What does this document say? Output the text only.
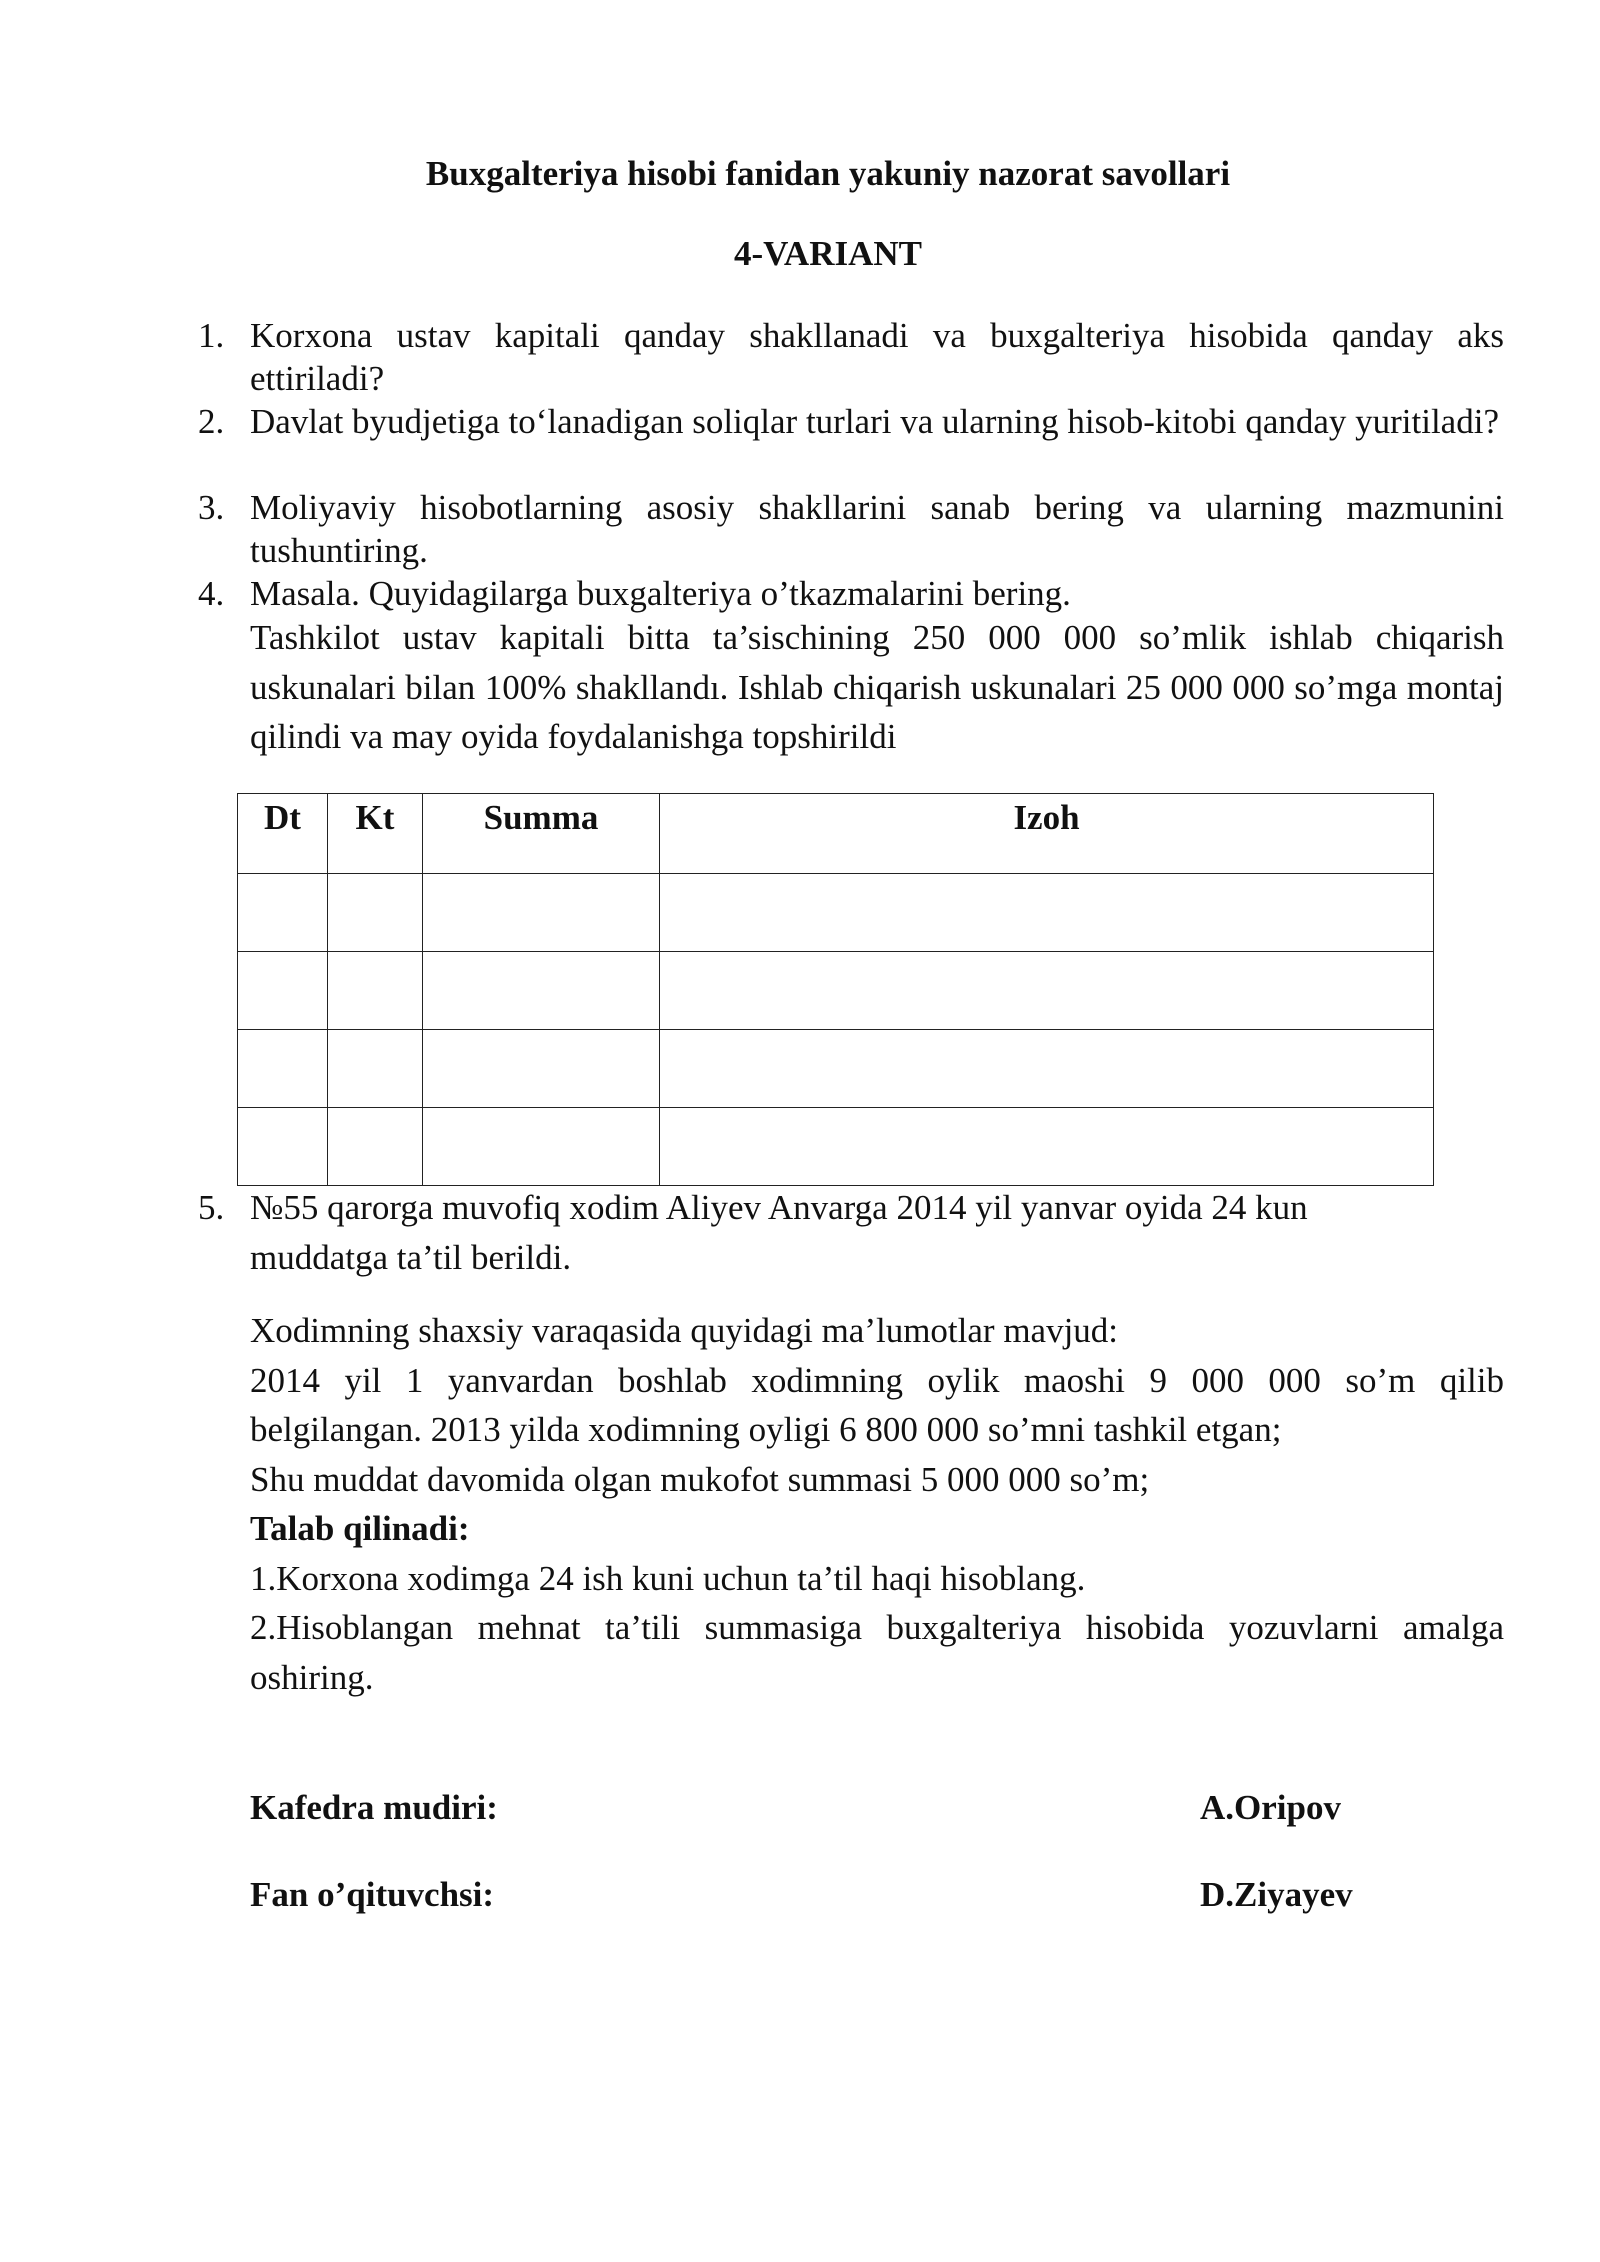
Buxgalteriya hisobi fanidan yakuniy nazorat savollari
4-VARIANT
1. Korxona ustav kapitali qanday shakllanadi va buxgalteriya hisobida qanday aks ettiriladi?
2. Davlat byudjetiga to‘lanadigan soliqlar turlari va ularning hisob-kitobi qanday yuritiladi?
3. Moliyaviy hisobotlarning asosiy shakllarini sanab bering va ularning mazmunini tushuntiring.
4. Masala. Quyidagilarga buxgalteriya o’tkazmalarini bering.
Tashkilot ustav kapitali bitta ta’sischining 250 000 000 so’mlik ishlab chiqarish uskunalari bilan 100% shakllandı. Ishlab chiqarish uskunalari 25 000 000 so’mga montaj qilindi va may oyida foydalanishga topshirildi
Dt	Kt	Summa	Izoh

5. №55 qarorga muvofiq xodim Aliyev Anvarga 2014 yil yanvar oyida 24 kun muddatga ta’til berildi.
Xodimning shaxsiy varaqasida quyidagi ma’lumotlar mavjud:
2014 yil 1 yanvardan boshlab xodimning oylik maoshi 9 000 000 so’m qilib
belgilangan. 2013 yilda xodimning oyligi 6 800 000 so’mni tashkil etgan;
Shu muddat davomida olgan mukofot summasi 5 000 000 so’m;
Talab qilinadi:
1.Korxona xodimga 24 ish kuni uchun ta’til haqi hisoblang.
2.Hisoblangan mehnat ta’tili summasiga buxgalteriya hisobida yozuvlarni amalga oshiring.
Kafedra mudiri:	A.Oripov
Fan o’qituvchsi:	D.Ziyayev
